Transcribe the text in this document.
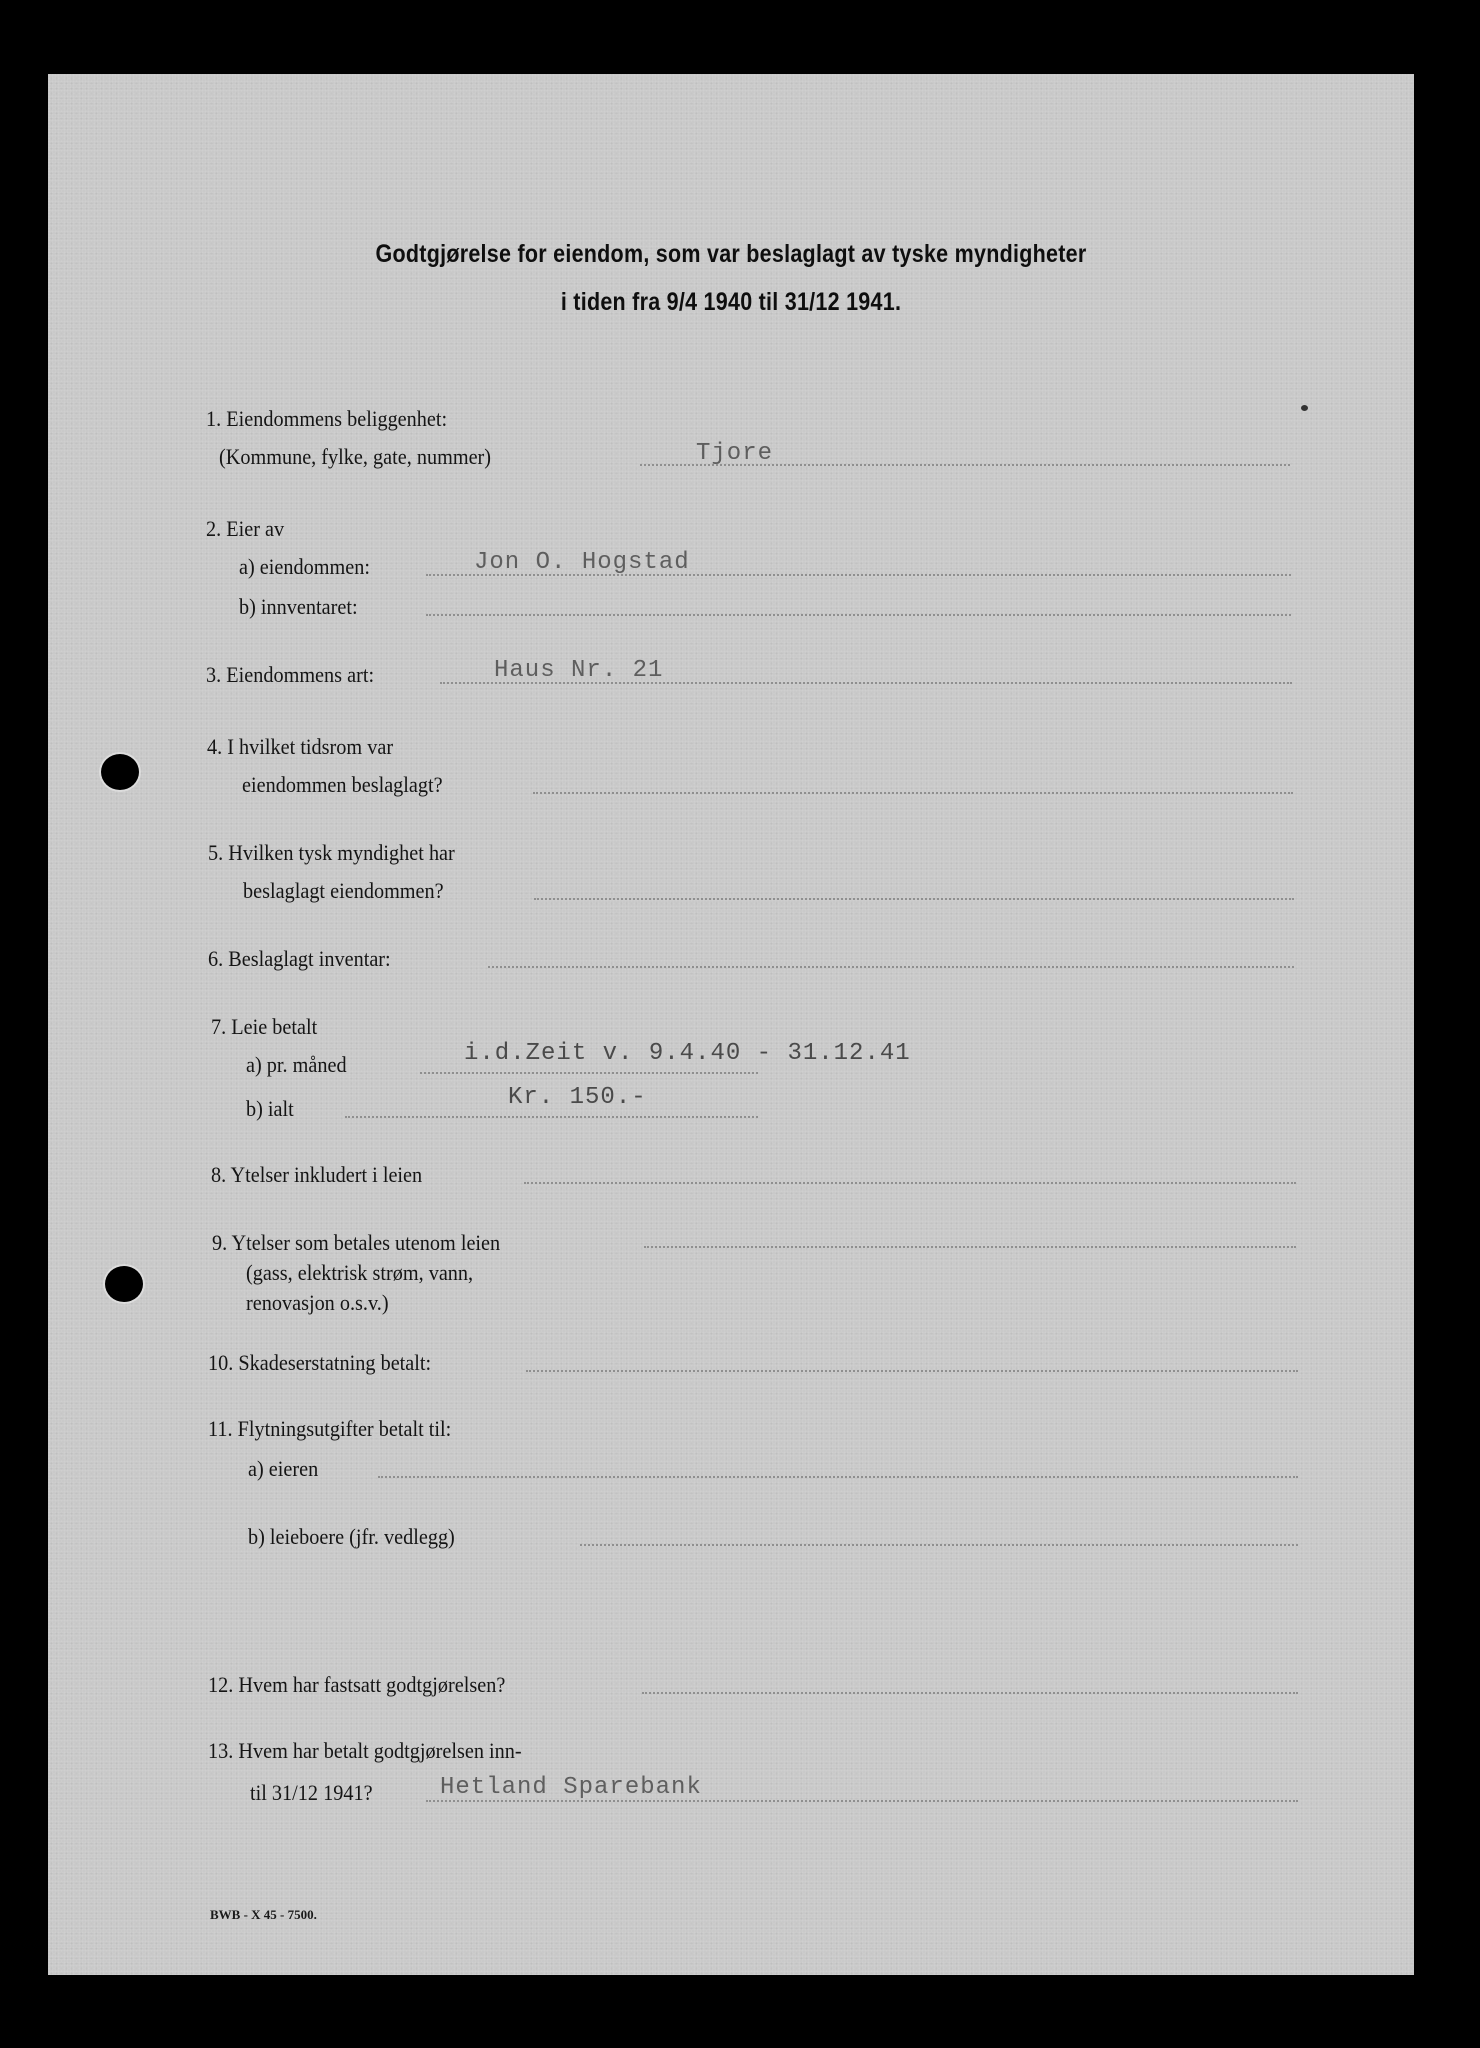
Godtgjørelse for eiendom, som var beslaglagt av tyske myndigheter
i tiden fra 9/4 1940 til 31/12 1941.
1. Eiendommens beliggenhet:
(Kommune, fylke, gate, nummer)	Tjore
2. Eier av
a) eiendommen:	Jon O. Hogstad
b) innventaret:
3. Eiendommens art:	Haus Nr. 21
4. I hvilket tidsrom var
eiendommen beslaglagt?
5. Hvilken tysk myndighet har
beslaglagt eiendommen?
6. Beslaglagt inventar:
7. Leie betalt
a) pr. måned	i.d.Zeit v. 9.4.40 - 31.12.41
b) ialt	Kr. 150.-
8. Ytelser inkludert i leien
9. Ytelser som betales utenom leien
(gass, elektrisk strøm, vann,
renovasjon o.s.v.)
10. Skadeserstatning betalt:
11. Flytningsutgifter betalt til:
a) eieren
b) leieboere (jfr. vedlegg)
12. Hvem har fastsatt godtgjørelsen?
13. Hvem har betalt godtgjørelsen inn-
til 31/12 1941?	Hetland Sparebank
BWB - X 45 - 7500.
